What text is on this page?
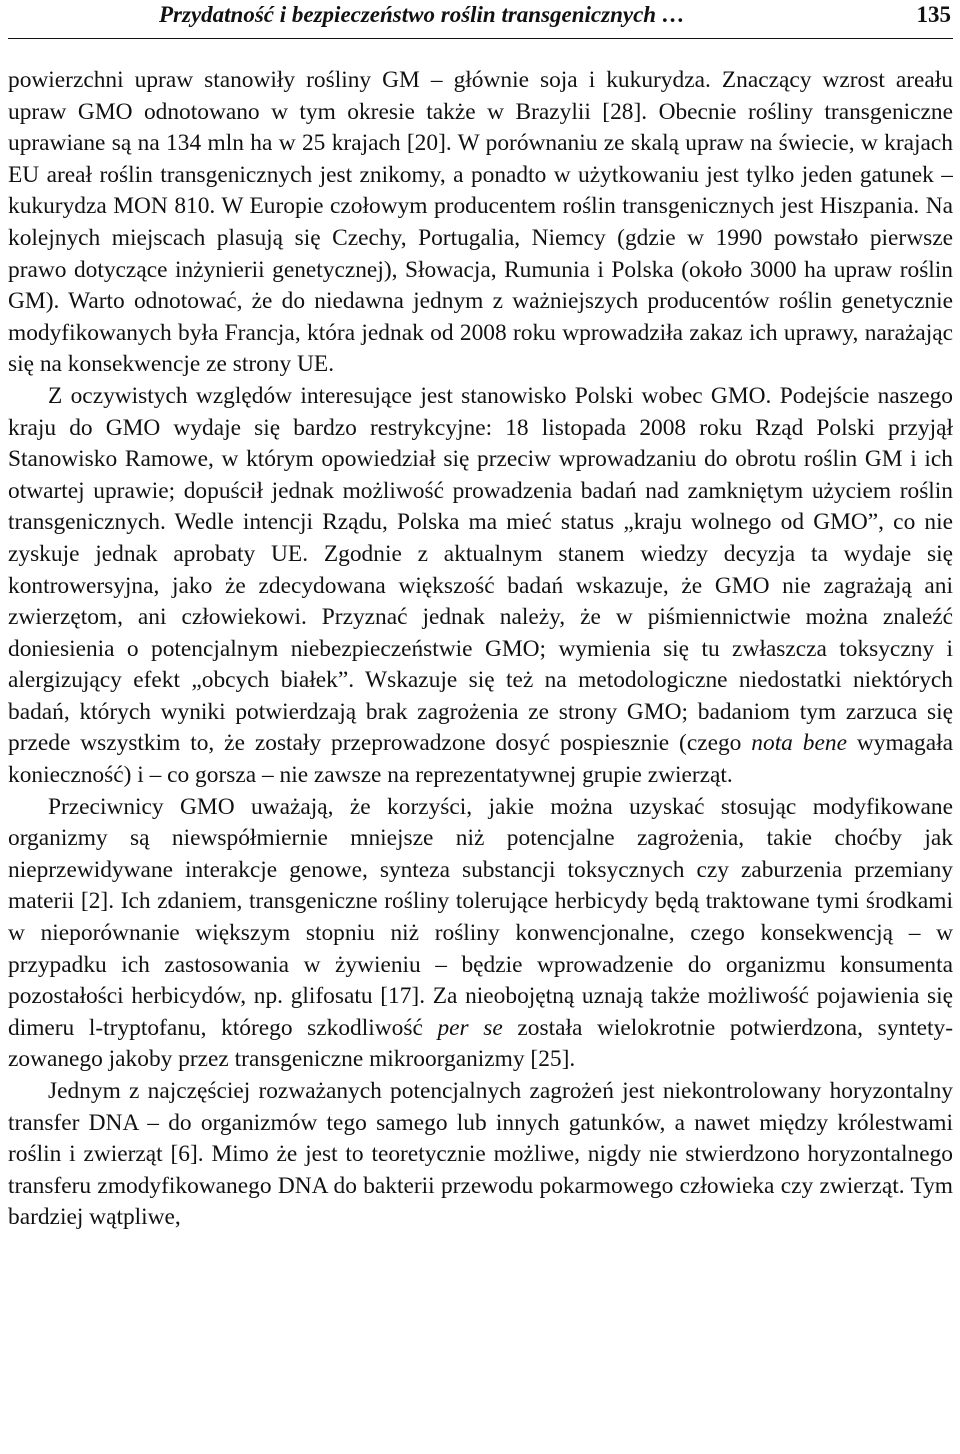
Przydatność i bezpieczeństwo roślin transgenicznych …	135

powierzchni upraw stanowiły rośliny GM – głównie soja i kukurydza. Znaczący wzrost areału upraw GMO odnotowano w tym okresie także w Brazylii [28]. Obecnie rośliny transgeniczne uprawiane są na 134 mln ha w 25 krajach [20]. W porównaniu ze skalą upraw na świecie, w krajach EU areał roślin transgenicznych jest znikomy, a ponadto w użytkowaniu jest tylko jeden gatunek – kukurydza MON 810. W Europie czołowym producentem roślin transgenicznych jest Hiszpania. Na kolejnych miejscach plasują się Czechy, Portugalia, Niemcy (gdzie w 1990 powstało pierwsze prawo dotyczące inżynierii genetycznej), Słowacja, Rumunia i Polska (około 3000 ha upraw roślin GM). Warto odnotować, że do niedawna jednym z ważniejszych producentów roślin genetycznie modyfikowanych była Francja, która jednak od 2008 roku wprowadziła zakaz ich uprawy, narażając się na konsekwencje ze strony UE.

Z oczywistych względów interesujące jest stanowisko Polski wobec GMO. Podejście naszego kraju do GMO wydaje się bardzo restrykcyjne: 18 listopada 2008 roku Rząd Polski przyjął Stanowisko Ramowe, w którym opowiedział się przeciw wprowadzaniu do obrotu roślin GM i ich otwartej uprawie; dopuścił jednak możliwość prowadzenia badań nad zamkniętym użyciem roślin transgenicznych. Wedle intencji Rządu, Polska ma mieć status „kraju wolnego od GMO”, co nie zyskuje jednak aprobaty UE. Zgodnie z aktualnym stanem wiedzy decyzja ta wydaje się kontrowersyjna, jako że zdecydowana większość badań wskazuje, że GMO nie zagrażają ani zwierzętom, ani człowiekowi. Przyznać jednak należy, że w piśmiennictwie można znaleźć doniesienia o potencjalnym niebezpieczeństwie GMO; wymienia się tu zwłaszcza toksyczny i alergizujący efekt „obcych białek”. Wskazuje się też na metodologiczne niedostatki niektórych badań, których wyniki potwierdzają brak zagrożenia ze strony GMO; badaniom tym zarzuca się przede wszystkim to, że zostały przeprowadzone dosyć pospiesznie (czego nota bene wymagała konieczność) i – co gorsza – nie zawsze na reprezentatywnej grupie zwierząt.

Przeciwnicy GMO uważają, że korzyści, jakie można uzyskać stosując modyfikowane organizmy są niewspółmiernie mniejsze niż potencjalne zagrożenia, takie choćby jak nieprzewidywane interakcje genowe, synteza substancji toksycznych czy zaburzenia przemiany materii [2]. Ich zdaniem, transgeniczne rośliny tolerujące herbicydy będą traktowane tymi środkami w nieporównanie większym stopniu niż rośliny konwencjonalne, czego konsekwencją – w przypadku ich zastosowania w żywieniu – będzie wprowadzenie do organizmu konsumenta pozostałości herbicydów, np. glifosatu [17]. Za nieobojętną uznają także możliwość pojawienia się dimeru l-tryptofanu, którego szkodliwość per se została wielokrotnie potwierdzona, syntetyzowanego jakoby przez transgeniczne mikroorganizmy [25].

Jednym z najczęściej rozważanych potencjalnych zagrożeń jest niekontrolowany horyzontalny transfer DNA – do organizmów tego samego lub innych gatunków, a nawet między królestwami roślin i zwierząt [6]. Mimo że jest to teoretycznie możliwe, nigdy nie stwierdzono horyzontalnego transferu zmodyfikowanego DNA do bakterii przewodu pokarmowego człowieka czy zwierząt. Tym bardziej wątpliwe,
